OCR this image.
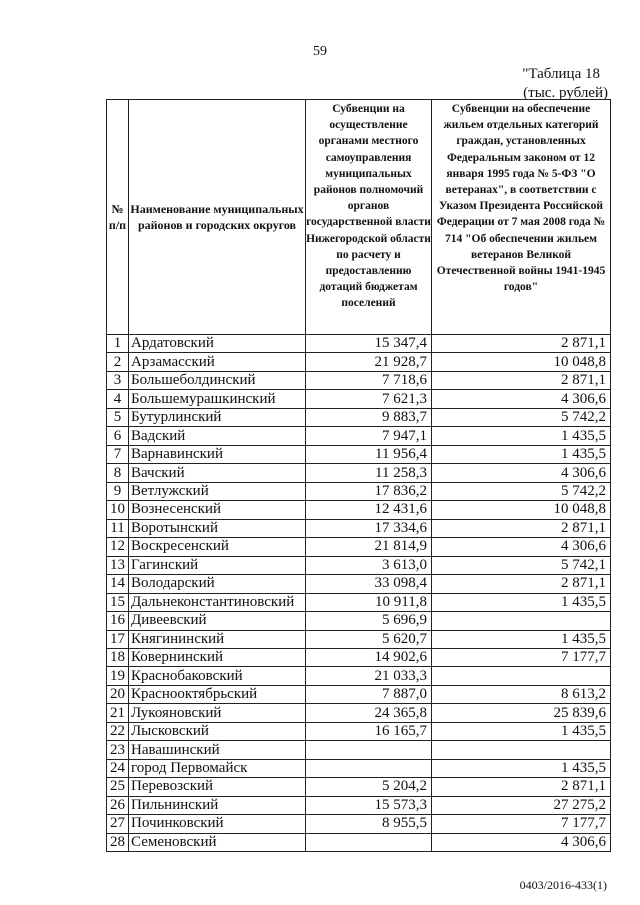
59
"Таблица 18
(тыс. рублей)
№ п/п	Наименование муниципальных районов и городских округов	Субвенции на осуществление органами местного самоуправления муниципальных районов полномочий органов государственной власти Нижегородской области по расчету и предоставлению дотаций бюджетам поселений	Субвенции на обеспечение жильем отдельных категорий граждан, установленных Федеральным законом от 12 января 1995 года № 5-ФЗ "О ветеранах", в соответствии с Указом Президента Российской Федерации от 7 мая 2008 года № 714 "Об обеспечении жильем ветеранов Великой Отечественной войны 1941-1945 годов"
1	Ардатовский	15 347,4	2 871,1
2	Арзамасский	21 928,7	10 048,8
3	Большеболдинский	7 718,6	2 871,1
4	Большемурашкинский	7 621,3	4 306,6
5	Бутурлинский	9 883,7	5 742,2
6	Вадский	7 947,1	1 435,5
7	Варнавинский	11 956,4	1 435,5
8	Вачский	11 258,3	4 306,6
9	Ветлужский	17 836,2	5 742,2
10	Вознесенский	12 431,6	10 048,8
11	Воротынский	17 334,6	2 871,1
12	Воскресенский	21 814,9	4 306,6
13	Гагинский	3 613,0	5 742,1
14	Володарский	33 098,4	2 871,1
15	Дальнеконстантиновский	10 911,8	1 435,5
16	Дивеевский	5 696,9	
17	Княгининский	5 620,7	1 435,5
18	Ковернинский	14 902,6	7 177,7
19	Краснобаковский	21 033,3	
20	Краснооктябрьский	7 887,0	8 613,2
21	Лукояновский	24 365,8	25 839,6
22	Лысковский	16 165,7	1 435,5
23	Навашинский		
24	город Первомайск		1 435,5
25	Перевозский	5 204,2	2 871,1
26	Пильнинский	15 573,3	27 275,2
27	Починковский	8 955,5	7 177,7
28	Семеновский		4 306,6
0403/2016-433(1)
